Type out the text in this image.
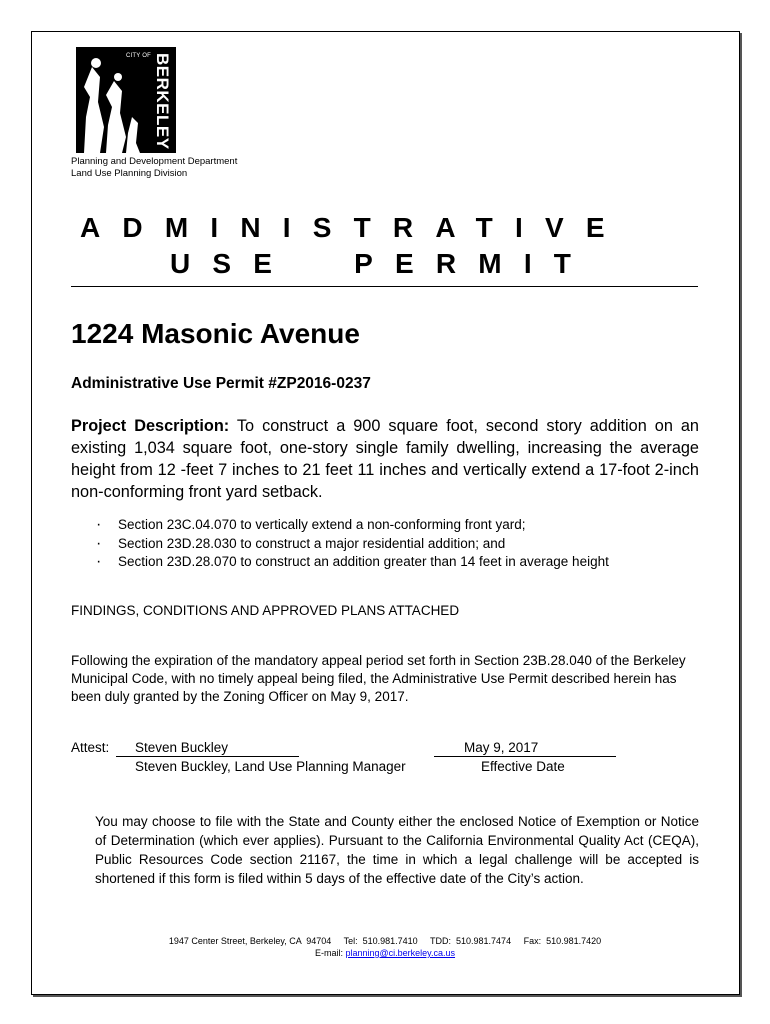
CITY OF BERKELEY
Planning and Development Department
Land Use Planning Division
ADMINISTRATIVE
USE  PERMIT
1224 Masonic Avenue
Administrative Use Permit #ZP2016-0237
Project Description: To construct a 900 square foot, second story addition on an existing 1,034 square foot, one-story single family dwelling, increasing the average height from 12 -feet 7 inches to 21 feet 11 inches and vertically extend a 17-foot 2-inch non-conforming front yard setback.
· Section 23C.04.070 to vertically extend a non-conforming front yard;
· Section 23D.28.030 to construct a major residential addition; and
· Section 23D.28.070 to construct an addition greater than 14 feet in average height
FINDINGS, CONDITIONS AND APPROVED PLANS ATTACHED
Following the expiration of the mandatory appeal period set forth in Section 23B.28.040 of the Berkeley Municipal Code, with no timely appeal being filed, the Administrative Use Permit described herein has been duly granted by the Zoning Officer on May 9, 2017.
Attest: Steven Buckley
Steven Buckley, Land Use Planning Manager
May 9, 2017
Effective Date
You may choose to file with the State and County either the enclosed Notice of Exemption or Notice of Determination (which ever applies). Pursuant to the California Environmental Quality Act (CEQA), Public Resources Code section 21167, the time in which a legal challenge will be accepted is shortened if this form is filed within 5 days of the effective date of the City’s action.
1947 Center Street, Berkeley, CA  94704     Tel:  510.981.7410     TDD:  510.981.7474     Fax:  510.981.7420
E-mail: planning@ci.berkeley.ca.us
